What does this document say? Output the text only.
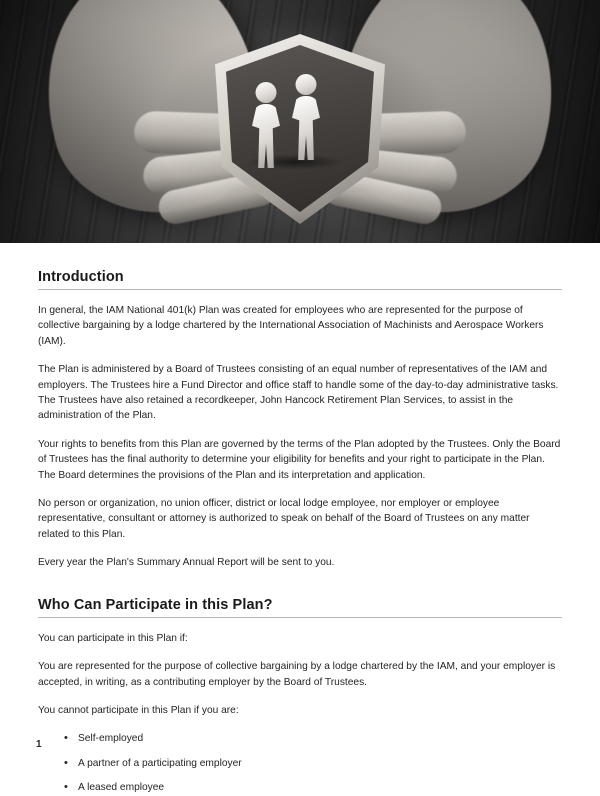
Introduction

In general, the IAM National 401(k) Plan was created for employees who are represented for the purpose of collective bargaining by a lodge chartered by the International Association of Machinists and Aerospace Workers (IAM).

The Plan is administered by a Board of Trustees consisting of an equal number of representatives of the IAM and employers. The Trustees hire a Fund Director and office staff to handle some of the day-to-day administrative tasks. The Trustees have also retained a recordkeeper, John Hancock Retirement Plan Services, to assist in the administration of the Plan.

Your rights to benefits from this Plan are governed by the terms of the Plan adopted by the Trustees. Only the Board of Trustees has the final authority to determine your eligibility for benefits and your right to participate in the Plan. The Board determines the provisions of the Plan and its interpretation and application.

No person or organization, no union officer, district or local lodge employee, nor employer or employee representative, consultant or attorney is authorized to speak on behalf of the Board of Trustees on any matter related to this Plan.

Every year the Plan's Summary Annual Report will be sent to you.

Who Can Participate in this Plan?

You can participate in this Plan if:

You are represented for the purpose of collective bargaining by a lodge chartered by the IAM, and your employer is accepted, in writing, as a contributing employer by the Board of Trustees.

You cannot participate in this Plan if you are:

• Self-employed
• A partner of a participating employer
• A leased employee
1
